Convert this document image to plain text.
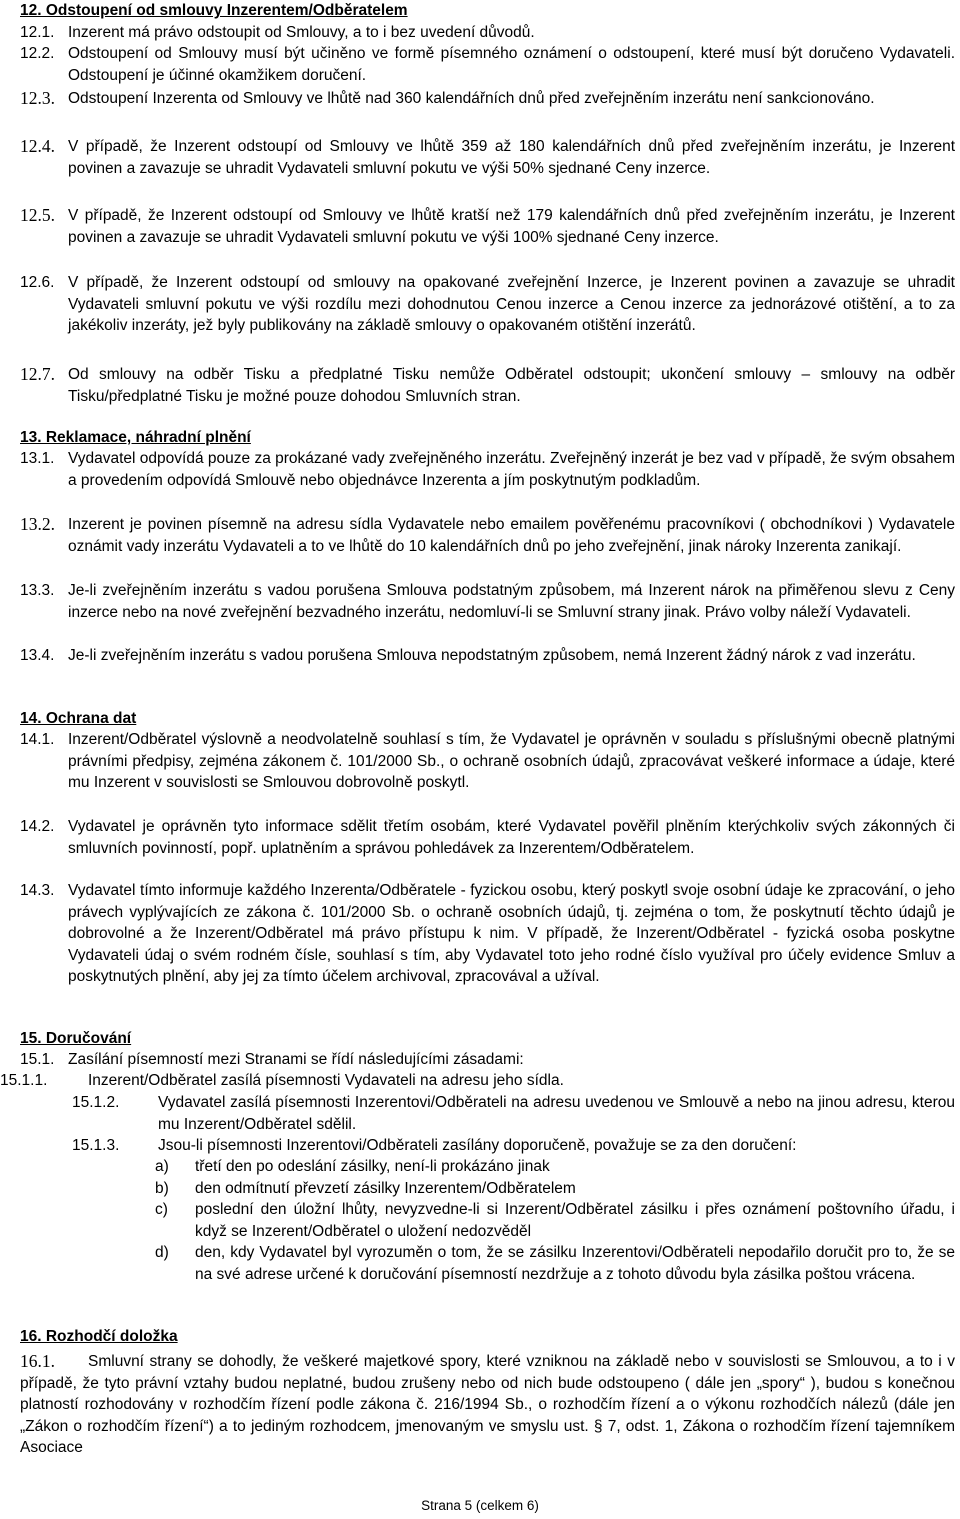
12. Odstoupení od smlouvy Inzerentem/Odběratelem

12.1. Inzerent má právo odstoupit od Smlouvy, a to i bez uvedení důvodů.
12.2. Odstoupení od Smlouvy musí být učiněno ve formě písemného oznámení o odstoupení, které musí být doručeno Vydavateli. Odstoupení je účinné okamžikem doručení.
12.3. Odstoupení Inzerenta od Smlouvy ve lhůtě nad 360 kalendářních dnů před zveřejněním inzerátu není sankcionováno.
12.4. V případě, že Inzerent odstoupí od Smlouvy ve lhůtě 359 až 180 kalendářních dnů před zveřejněním inzerátu, je Inzerent povinen a zavazuje se uhradit Vydavateli smluvní pokutu ve výši 50% sjednané Ceny inzerce.
12.5. V případě, že Inzerent odstoupí od Smlouvy ve lhůtě kratší než 179 kalendářních dnů před zveřejněním inzerátu, je Inzerent povinen a zavazuje se uhradit Vydavateli smluvní pokutu ve výši 100% sjednané Ceny inzerce.
12.6. V případě, že Inzerent odstoupí od smlouvy na opakované zveřejnění Inzerce, je Inzerent povinen a zavazuje se uhradit Vydavateli smluvní pokutu ve výši rozdílu mezi dohodnutou Cenou inzerce a Cenou inzerce za jednorázové otištění, a to za jakékoliv inzeráty, jež byly publikovány na základě smlouvy o opakovaném otištění inzerátů.
12.7. Od smlouvy na odběr Tisku a předplatné Tisku nemůže Odběratel odstoupit; ukončení smlouvy – smlouvy na odběr Tisku/předplatné Tisku je možné pouze dohodou Smluvních stran.

13. Reklamace, náhradní plnění

13.1. Vydavatel odpovídá pouze za prokázané vady zveřejněného inzerátu. Zveřejněný inzerát je bez vad v případě, že svým obsahem a provedením odpovídá Smlouvě nebo objednávce Inzerenta a jím poskytnutým podkladům.
13.2. Inzerent je povinen písemně na adresu sídla Vydavatele nebo emailem pověřenému pracovníkovi ( obchodníkovi ) Vydavatele oznámit vady inzerátu Vydavateli a to ve lhůtě do 10 kalendářních dnů po jeho zveřejnění, jinak nároky Inzerenta zanikají.
13.3. Je-li zveřejněním inzerátu s vadou porušena Smlouva podstatným způsobem, má Inzerent nárok na přiměřenou slevu z Ceny inzerce nebo na nové zveřejnění bezvadného inzerátu, nedomluví-li se Smluvní strany jinak. Právo volby náleží Vydavateli.
13.4. Je-li zveřejněním inzerátu s vadou porušena Smlouva nepodstatným způsobem, nemá Inzerent žádný nárok z vad inzerátu.

14. Ochrana dat

14.1. Inzerent/Odběratel výslovně a neodvolatelně souhlasí s tím, že Vydavatel je oprávněn v souladu s příslušnými obecně platnými právními předpisy, zejména zákonem č. 101/2000 Sb., o ochraně osobních údajů, zpracovávat veškeré informace a údaje, které mu Inzerent v souvislosti se Smlouvou dobrovolně poskytl.
14.2. Vydavatel je oprávněn tyto informace sdělit třetím osobám, které Vydavatel pověřil plněním kterýchkoliv svých zákonných či smluvních povinností, popř. uplatněním a správou pohledávek za Inzerentem/Odběratelem.
14.3. Vydavatel tímto informuje každého Inzerenta/Odběratele - fyzickou osobu, který poskytl svoje osobní údaje ke zpracování, o jeho právech vyplývajících ze zákona č. 101/2000 Sb. o ochraně osobních údajů, tj. zejména o tom, že poskytnutí těchto údajů je dobrovolné a že Inzerent/Odběratel má právo přístupu k nim. V případě, že Inzerent/Odběratel - fyzická osoba poskytne Vydavateli údaj o svém rodném čísle, souhlasí s tím, aby Vydavatel toto jeho rodné číslo využíval pro účely evidence Smluv a poskytnutých plnění, aby jej za tímto účelem archivoval, zpracovával a užíval.

15. Doručování

15.1. Zasílání písemností mezi Stranami se řídí následujícími zásadami:
15.1.1.	Inzerent/Odběratel zasílá písemnosti Vydavateli na adresu jeho sídla.
15.1.2. Vydavatel zasílá písemnosti Inzerentovi/Odběrateli na adresu uvedenou ve Smlouvě a nebo na jinou adresu, kterou mu Inzerent/Odběratel sdělil.
15.1.3. Jsou-li písemnosti Inzerentovi/Odběrateli zasílány doporučeně, považuje se za den doručení:
a) třetí den po odeslání zásilky, není-li prokázáno jinak
b) den odmítnutí převzetí zásilky Inzerentem/Odběratelem
c) poslední den úložní lhůty, nevyzvedne-li si Inzerent/Odběratel zásilku i přes oznámení poštovního úřadu, i když se Inzerent/Odběratel o uložení nedozvěděl
d) den, kdy Vydavatel byl vyrozuměn o tom, že se zásilku Inzerentovi/Odběrateli nepodařilo doručit pro to, že se na své adrese určené k doručování písemností nezdržuje a z tohoto důvodu byla zásilka poštou vrácena.

16. Rozhodčí doložka

16.1.	Smluvní strany se dohodly, že veškeré majetkové spory, které vzniknou na základě nebo v souvislosti se Smlouvou, a to i v případě, že tyto právní vztahy budou neplatné, budou zrušeny nebo od nich bude odstoupeno ( dále jen „spory“ ), budou s konečnou platností rozhodovány v rozhodčím řízení podle zákona č. 216/1994 Sb., o rozhodčím řízení a o výkonu rozhodčích nálezů (dále jen „Zákon o rozhodčím řízení“) a to jediným rozhodcem, jmenovaným ve smyslu ust. § 7, odst. 1, Zákona o rozhodčím řízení tajemníkem Asociace
Strana 5 (celkem 6)
